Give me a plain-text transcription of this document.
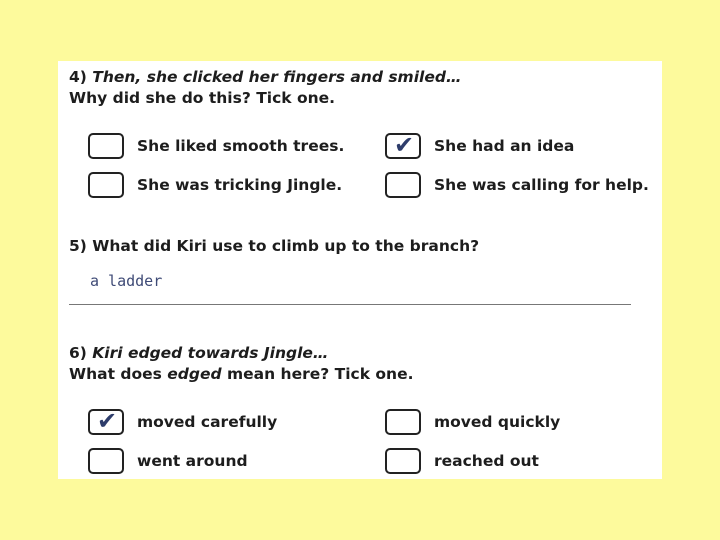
4) Then, she clicked her fingers and smiled…
Why did she do this? Tick one.
She liked smooth trees. ✔ She had an idea
She was tricking Jingle.	She was calling for help.
5) What did Kiri use to climb up to the branch?
a ladder
6) Kiri edged towards Jingle…
What does edged mean here? Tick one.
✔ moved carefully	moved quickly
went around	reached out
